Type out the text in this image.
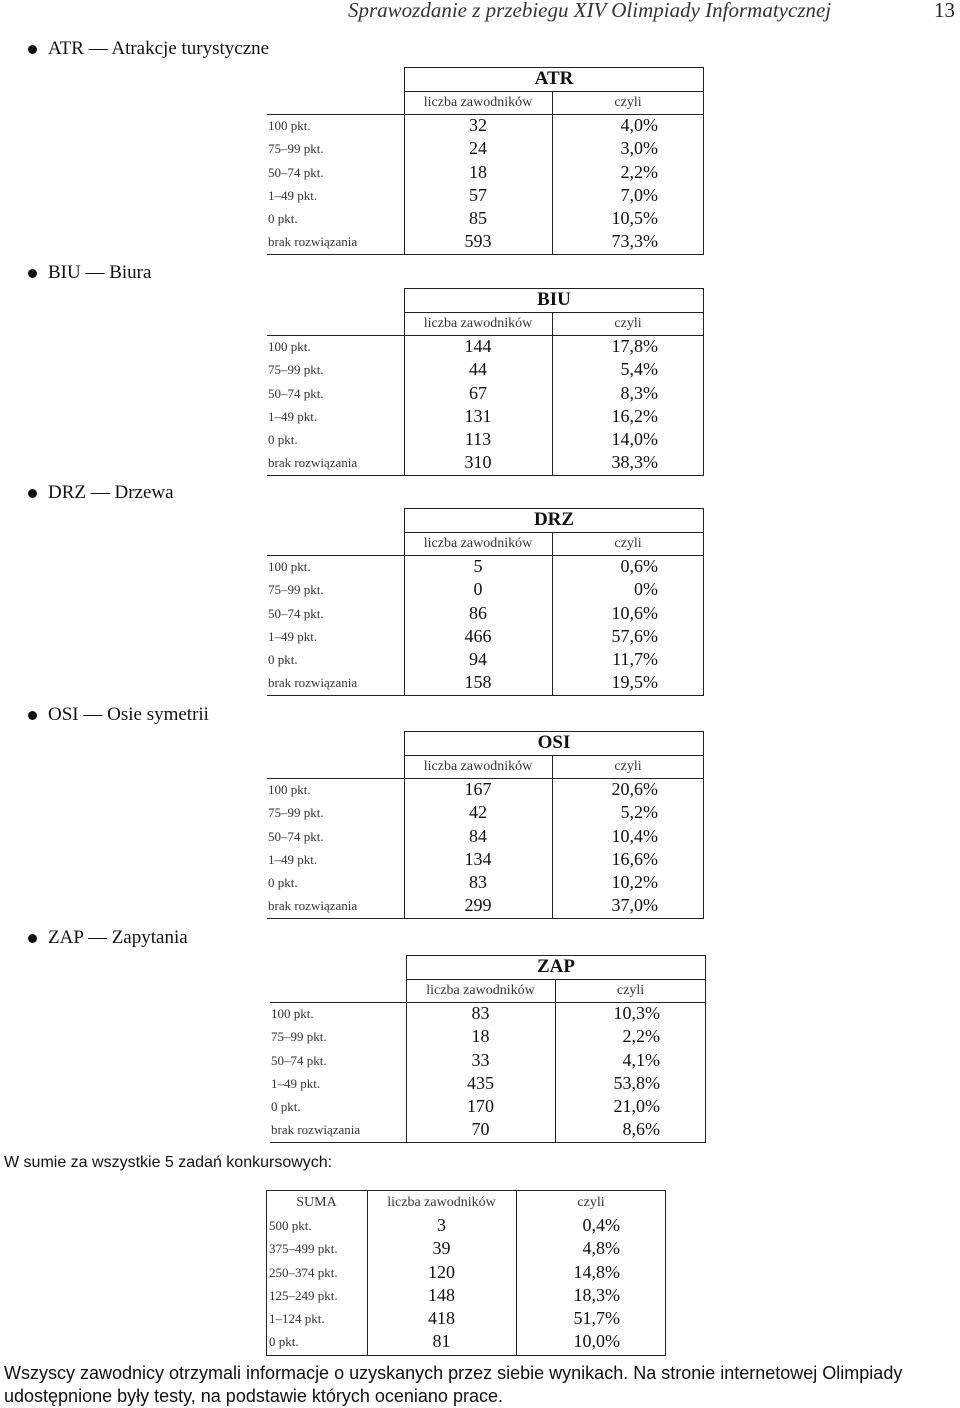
Sprawozdanie z przebiegu XIV Olimpiady Informatycznej	13
ATR
liczba zawodników	czyli
100 pkt.	32	4,0%
75–99 pkt.	24	3,0%
50–74 pkt.	18	2,2%
1–49 pkt.	57	7,0%
0 pkt.	85	10,5%
brak rozwiązania	593	73,3%
BIU
liczba zawodników	czyli
100 pkt.	144	17,8%
75–99 pkt.	44	5,4%
50–74 pkt.	67	8,3%
1–49 pkt.	131	16,2%
0 pkt.	113	14,0%
brak rozwiązania	310	38,3%
DRZ
liczba zawodników	czyli
100 pkt.	5	0,6%
75–99 pkt.	0	0%
50–74 pkt.	86	10,6%
1–49 pkt.	466	57,6%
0 pkt.	94	11,7%
brak rozwiązania	158	19,5%
OSI
liczba zawodników	czyli
100 pkt.	167	20,6%
75–99 pkt.	42	5,2%
50–74 pkt.	84	10,4%
1–49 pkt.	134	16,6%
0 pkt.	83	10,2%
brak rozwiązania	299	37,0%
ZAP
liczba zawodników	czyli
100 pkt.	83	10,3%
75–99 pkt.	18	2,2%
50–74 pkt.	33	4,1%
1–49 pkt.	435	53,8%
0 pkt.	170	21,0%
brak rozwiązania	70	8,6%
W sumie za wszystkie 5 zadań konkursowych:
SUMA	liczba zawodników	czyli
500 pkt.	3	0,4%
375–499 pkt.	39	4,8%
250–374 pkt.	120	14,8%
125–249 pkt.	148	18,3%
1–124 pkt.	418	51,7%
0 pkt.	81	10,0%
Wszyscy zawodnicy otrzymali informacje o uzyskanych przez siebie wynikach. Na stronie internetowej Olimpiady udostępnione były testy, na podstawie których oceniano prace.
ATR — Atrakcje turystyczne
BIU — Biura
DRZ — Drzewa
OSI — Osie symetrii
ZAP — Zapytania
